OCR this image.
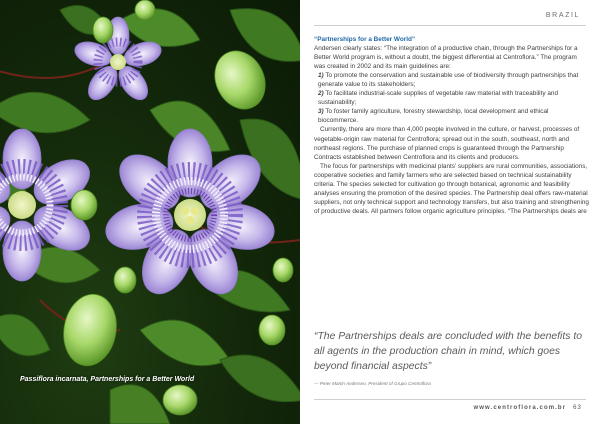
Passiflora incarnata, Partnerships for a Better World
BRAZIL

“Partnerships for a Better World”

Andersen clearly states: “The integration of a productive chain, through the Partnerships for a Better World program is, without a doubt, the biggest differential at Centroflora.” The program was created in 2002 and its main guidelines are:

1) To promote the conservation and sustainable use of biodiversity through partnerships that generate value to its stakeholders;

2) To facilitate industrial-scale supplies of vegetable raw material with traceability and sustainability;

3) To foster family agriculture, forestry stewardship, local development and ethical biocommerce.

Currently, there are more than 4,000 people involved in the culture, or harvest, processes of vegetable-origin raw material for Centroflora; spread out in the south, southeast, north and northeast regions. The purchase of planned crops is guaranteed through the Partnership Contracts established between Centroflora and its clients and producers.

The focus for partnerships with medicinal plants’ suppliers are rural communities, associations, cooperative societies and family farmers who are selected based on technical sustainability criteria. The species selected for cultivation go through botanical, agronomic and feasibility analyses ensuring the promotion of the desired species. The Partnership deal offers raw-material suppliers, not only technical support and technology transfers, but also training and strengthening of productive deals. All partners follow organic agriculture principles. “The Partnerships deals are

“The Partnerships deals are concluded with the benefits to all agents in the production chain in mind, which goes beyond financial aspects”
— Peter Martin Andersen, President of Grupo Centroflora
www.centroflora.com.br 63
